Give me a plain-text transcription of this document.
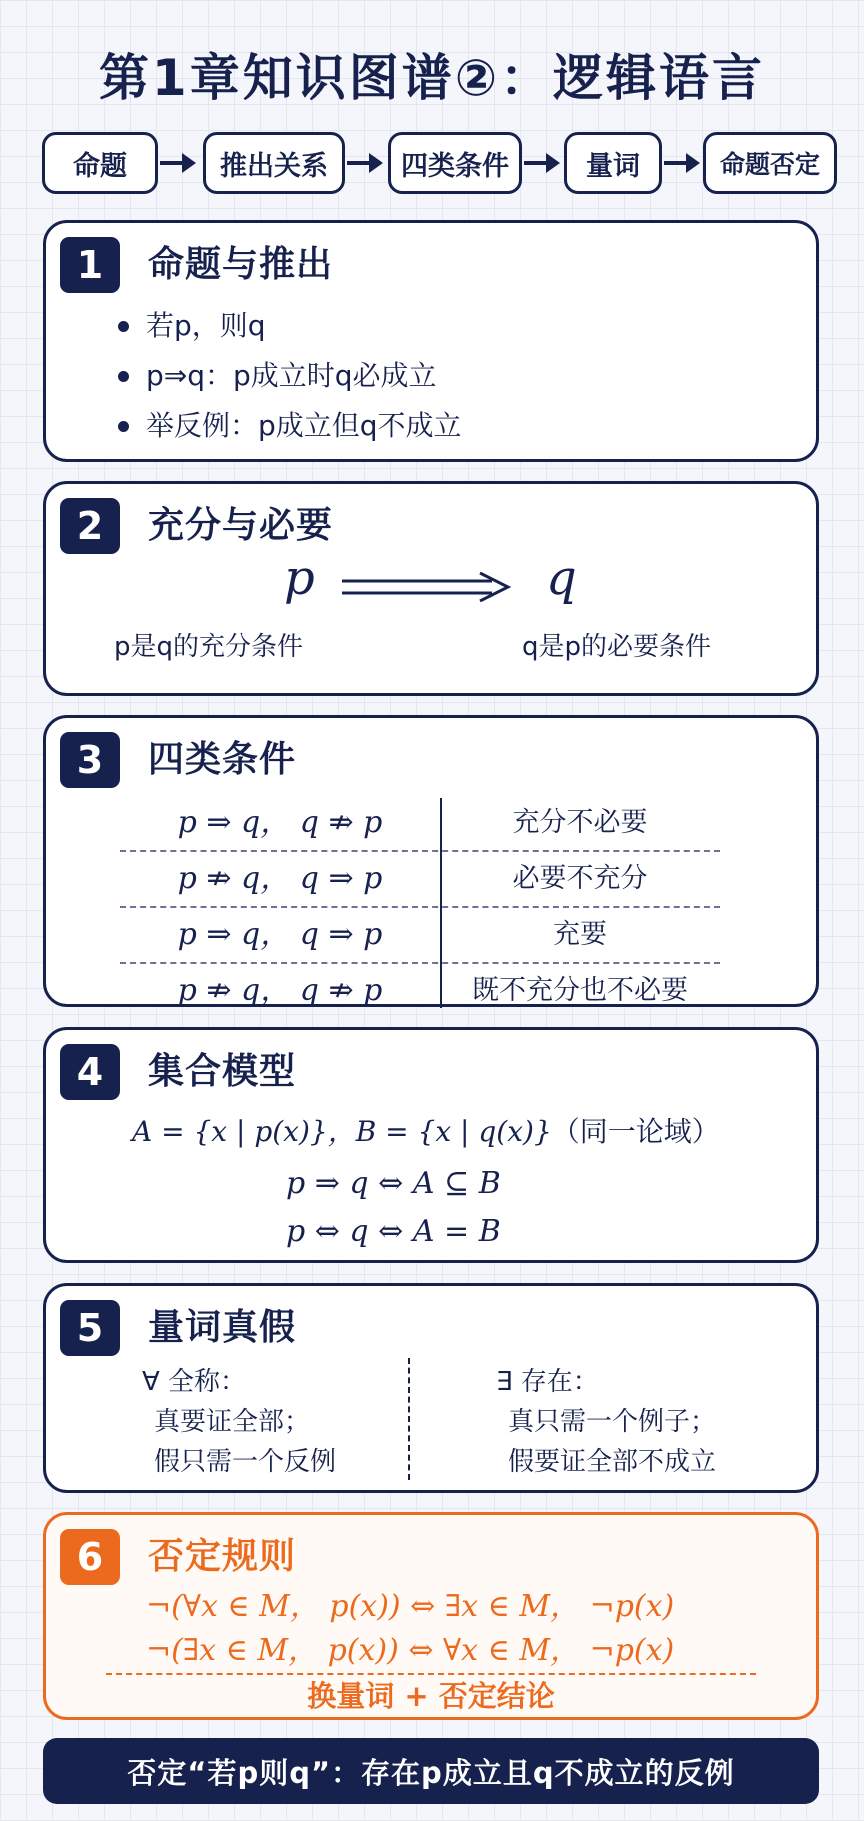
第1章知识图谱②：逻辑语言
命题	推出关系	四类条件	量词	命题否定
1	命题与推出
若p，则q
p⇒q：p成立时q必成立
举反例：p成立但q不成立
2	充分与必要
p	q
p是q的充分条件	q是p的必要条件
3	四类条件
p ⇒ q， q ⇏ p	充分不必要
p ⇏ q， q ⇒ p	必要不充分
p ⇒ q， q ⇒ p	充要
p ⇏ q， q ⇏ p	既不充分也不必要
4	集合模型
A = {x | p(x)}，B = {x | q(x)}（同一论域）
p ⇒ q ⇔ A ⊆ B
p ⇔ q ⇔ A = B
5	量词真假
∀ 全称：
真要证全部；
假只需一个反例
∃ 存在：
真只需一个例子；
假要证全部不成立
6	否定规则
¬(∀x ∈ M， p(x)) ⇔ ∃x ∈ M， ¬p(x)
¬(∃x ∈ M， p(x)) ⇔ ∀x ∈ M， ¬p(x)
换量词 + 否定结论
否定“若p则q”：存在p成立且q不成立的反例
